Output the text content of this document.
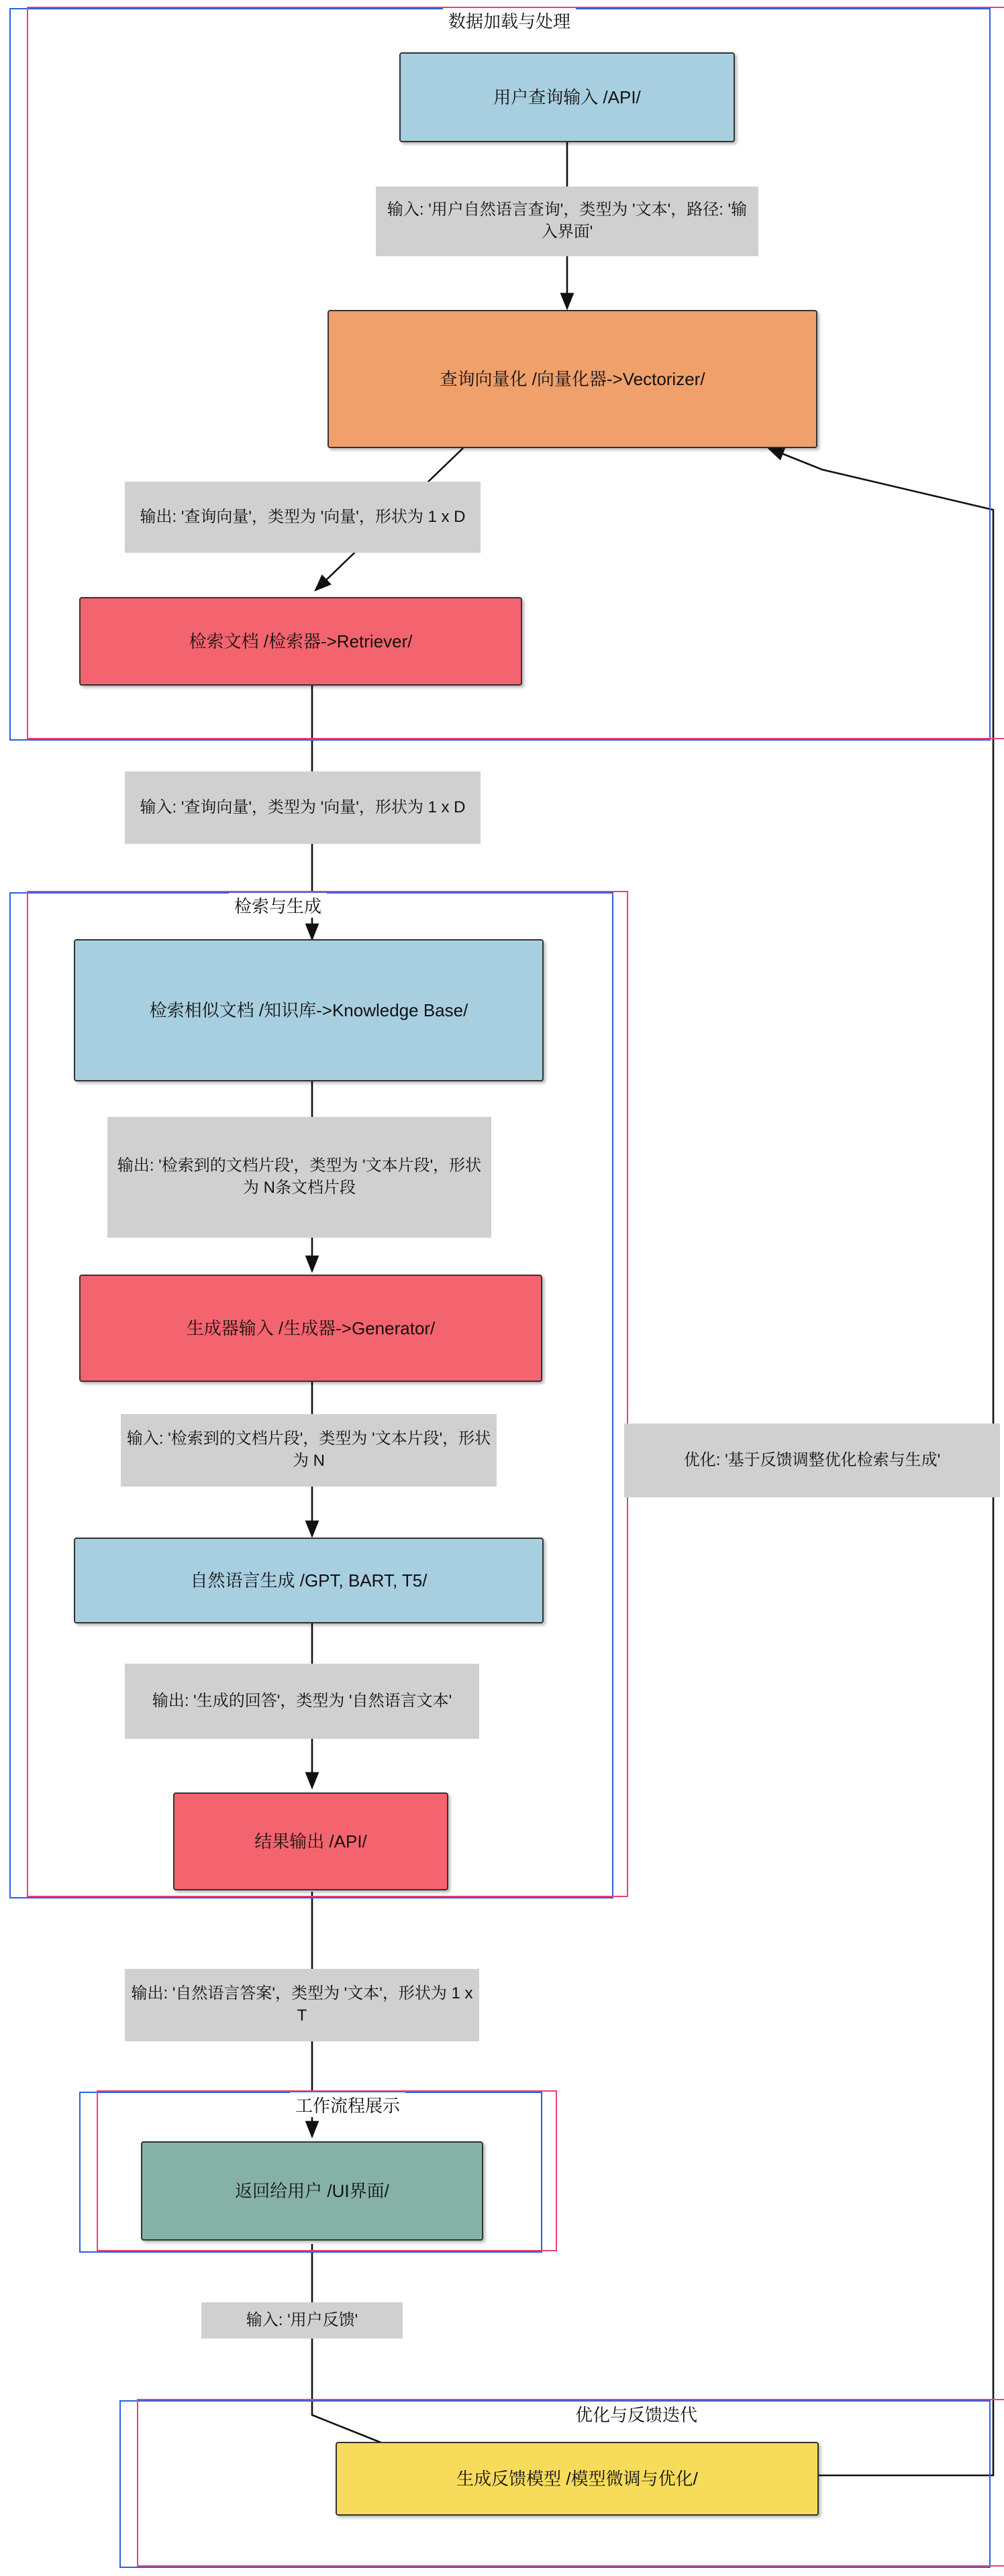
数据加载与处理
检索与生成
工作流程展示
优化与反馈迭代
用户查询输入 /API/
查询向量化 /向量化器->Vectorizer/
检索文档 /检索器->Retriever/
检索相似文档 /知识库->Knowledge Base/
生成器输入 /生成器->Generator/
自然语言生成 /GPT, BART, T5/
结果输出 /API/
返回给用户 /UI界面/
生成反馈模型 /模型微调与优化/
输入: '用户自然语言查询'，类型为 '文本'，路径: '输入界面'
输出: '查询向量'，类型为 '向量'，形状为 1 x D
输入: '查询向量'，类型为 '向量'，形状为 1 x D
输出: '检索到的文档片段'，类型为 '文本片段'，形状为 N条文档片段
输入: '检索到的文档片段'，类型为 '文本片段'，形状为 N
输出: '生成的回答'，类型为 '自然语言文本'
输出: '自然语言答案'，类型为 '文本'，形状为 1 x T
输入: '用户反馈'
优化: '基于反馈调整优化检索与生成'
